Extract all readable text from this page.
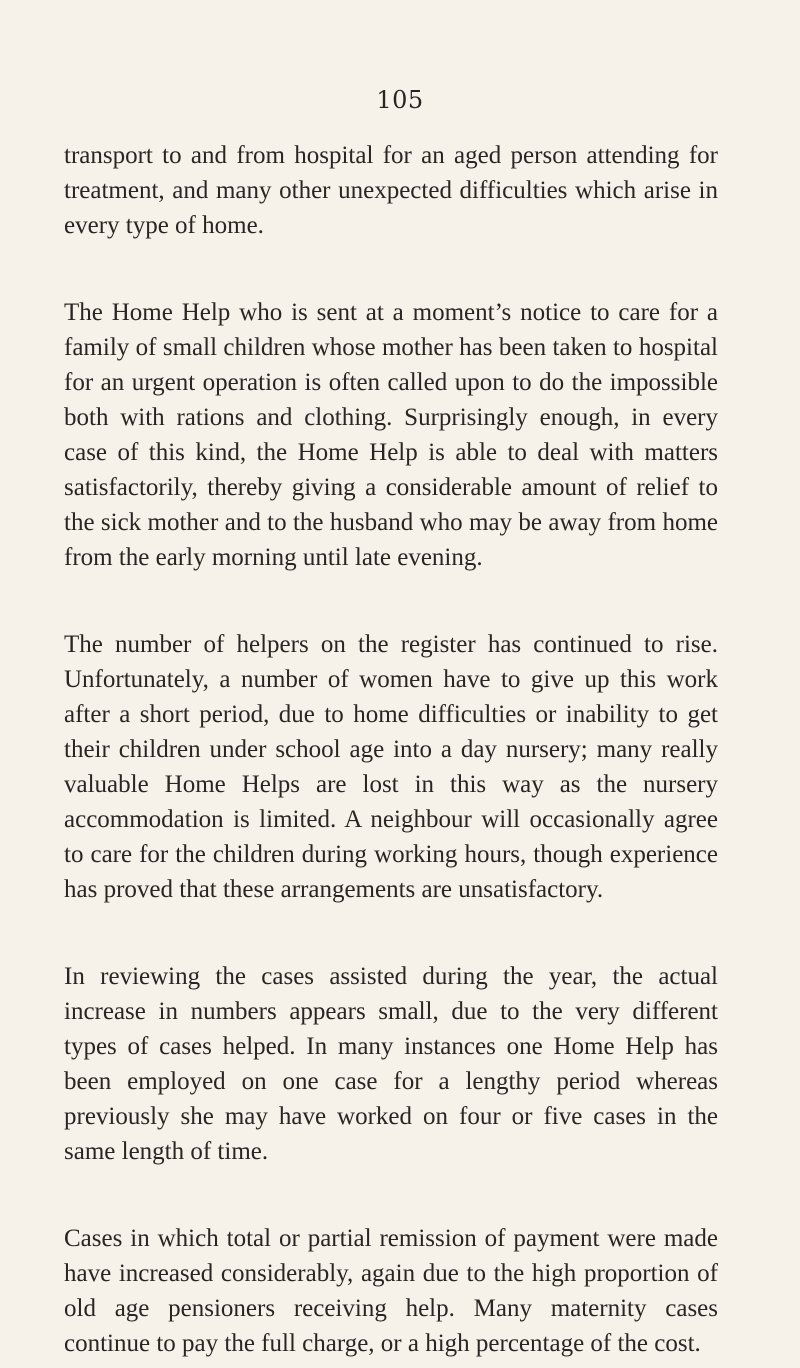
105

transport to and from hospital for an aged person attending for treatment, and many other unexpected difficulties which arise in every type of home.

The Home Help who is sent at a moment’s notice to care for a family of small children whose mother has been taken to hospital for an urgent operation is often called upon to do the impossible both with rations and clothing. Surprisingly enough, in every case of this kind, the Home Help is able to deal with matters satisfactorily, thereby giving a considerable amount of relief to the sick mother and to the husband who may be away from home from the early morning until late evening.

The number of helpers on the register has continued to rise. Unfortunately, a number of women have to give up this work after a short period, due to home difficulties or inability to get their children under school age into a day nursery; many really valuable Home Helps are lost in this way as the nursery accommodation is limited. A neighbour will occasionally agree to care for the children during working hours, though experience has proved that these arrangements are unsatisfactory.

In reviewing the cases assisted during the year, the actual increase in numbers appears small, due to the very different types of cases helped. In many instances one Home Help has been employed on one case for a lengthy period whereas previously she may have worked on four or five cases in the same length of time.

Cases in which total or partial remission of payment were made have increased considerably, again due to the high proportion of old age pensioners receiving help. Many maternity cases continue to pay the full charge, or a high percentage of the cost.
